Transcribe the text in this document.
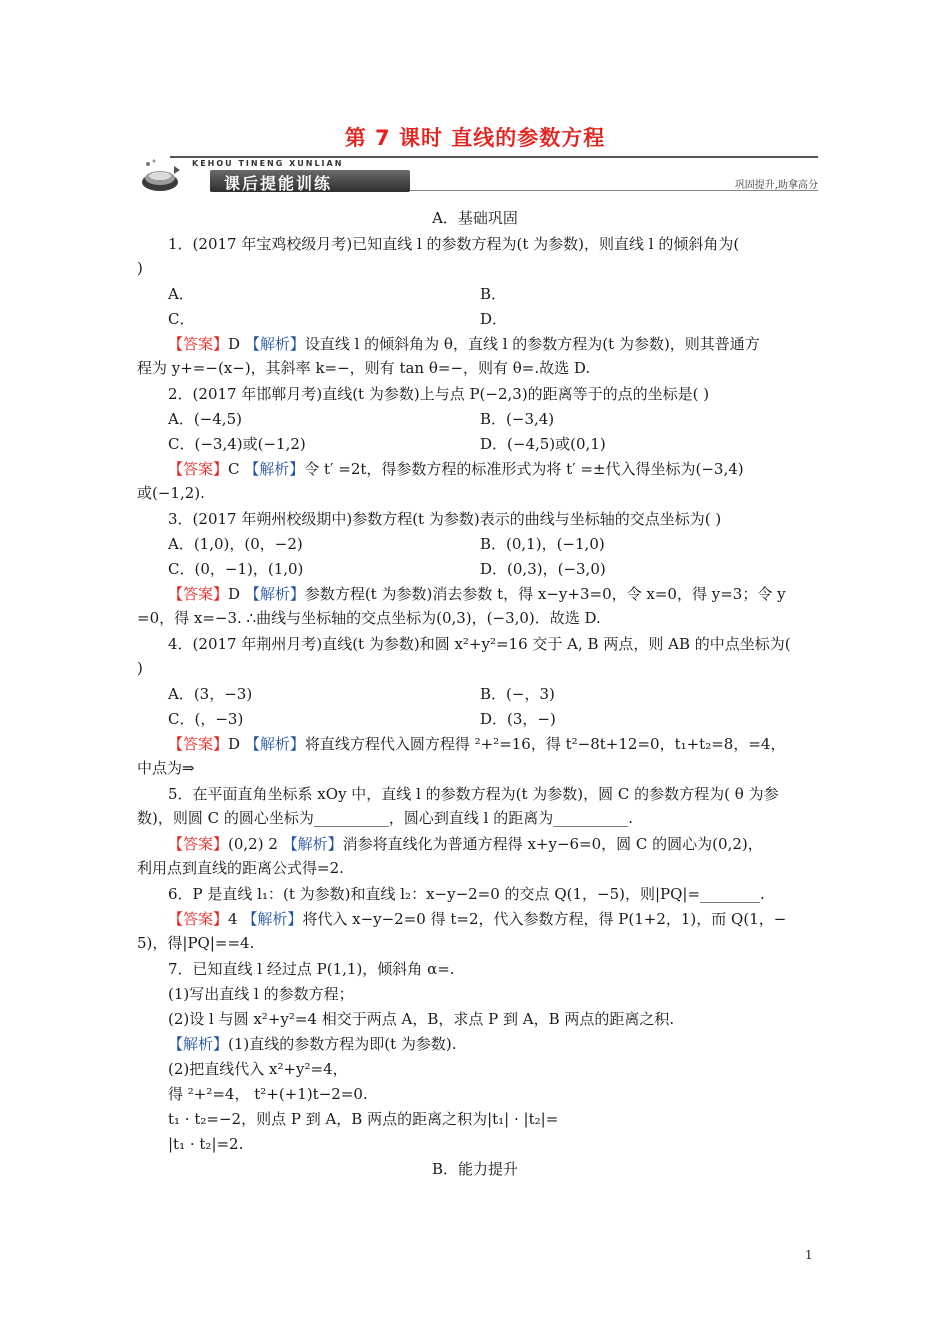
第 7 课时 直线的参数方程
KEHOU TINENG XUNLIAN
课后提能训练	巩固提升,助拿高分
A．基础巩固
1．(2017 年宝鸡校级月考)已知直线 l 的参数方程为(t 为参数)，则直线 l 的倾斜角为(
)
A．
C．
【答案】D 【解析】设直线 l 的倾斜角为 θ，直线 l 的参数方程为(t 为参数)，则其普通方
程为 y+=−(x−)，其斜率 k=−，则有 tan θ=−，则有 θ=.故选 D.
2．(2017 年邯郸月考)直线(t 为参数)上与点 P(−2,3)的距离等于的点的坐标是( )
A．(−4,5)
C．(−3,4)或(−1,2)
【答案】C 【解析】令 t′ =2t，得参数方程的标准形式为将 t′ =±代入得坐标为(−3,4)
或(−1,2).
3．(2017 年朔州校级期中)参数方程(t 为参数)表示的曲线与坐标轴的交点坐标为( )
A．(1,0)，(0，−2)
C．(0，−1)，(1,0)
【答案】D 【解析】参数方程(t 为参数)消去参数 t，得 x−y+3=0，令 x=0，得 y=3；令 y
=0，得 x=−3. ∴曲线与坐标轴的交点坐标为(0,3)，(−3,0)．故选 D.
4．(2017 年荆州月考)直线(t 为参数)和圆 x²+y²=16 交于 A, B 两点，则 AB 的中点坐标为(
)
A．(3，−3)
C．(，−3)
【答案】D 【解析】将直线方程代入圆方程得 ²+²=16，得 t²−8t+12=0，t₁+t₂=8，=4，
中点为⇒
5．在平面直角坐标系 xOy 中，直线 l 的参数方程为(t 为参数)，圆 C 的参数方程为( θ 为参
数)，则圆 C 的圆心坐标为__________，圆心到直线 l 的距离为__________.
【答案】(0,2) 2 【解析】消参将直线化为普通方程得 x+y−6=0，圆 C 的圆心为(0,2)，
利用点到直线的距离公式得=2.
6．P 是直线 l₁：(t 为参数)和直线 l₂：x−y−2=0 的交点 Q(1，−5)，则|PQ|=________.
【答案】4 【解析】将代入 x−y−2=0 得 t=2，代入参数方程，得 P(1+2，1)，而 Q(1，−
5)，得|PQ|==4.
7．已知直线 l 经过点 P(1,1)，倾斜角 α=.
(1)写出直线 l 的参数方程；
(2)设 l 与圆 x²+y²=4 相交于两点 A，B，求点 P 到 A，B 两点的距离之积.
【解析】(1)直线的参数方程为即(t 为参数).
(2)把直线代入 x²+y²=4，
得 ²+²=4， t²+(+1)t−2=0.
t₁ · t₂=−2，则点 P 到 A，B 两点的距离之积为|t₁| · |t₂|=
|t₁ · t₂|=2.
B．能力提升
B．
D．
B．(−3,4)
D．(−4,5)或(0,1)
B．(0,1)，(−1,0)
D．(0,3)，(−3,0)
B．(−，3)
D．(3，−)
1
